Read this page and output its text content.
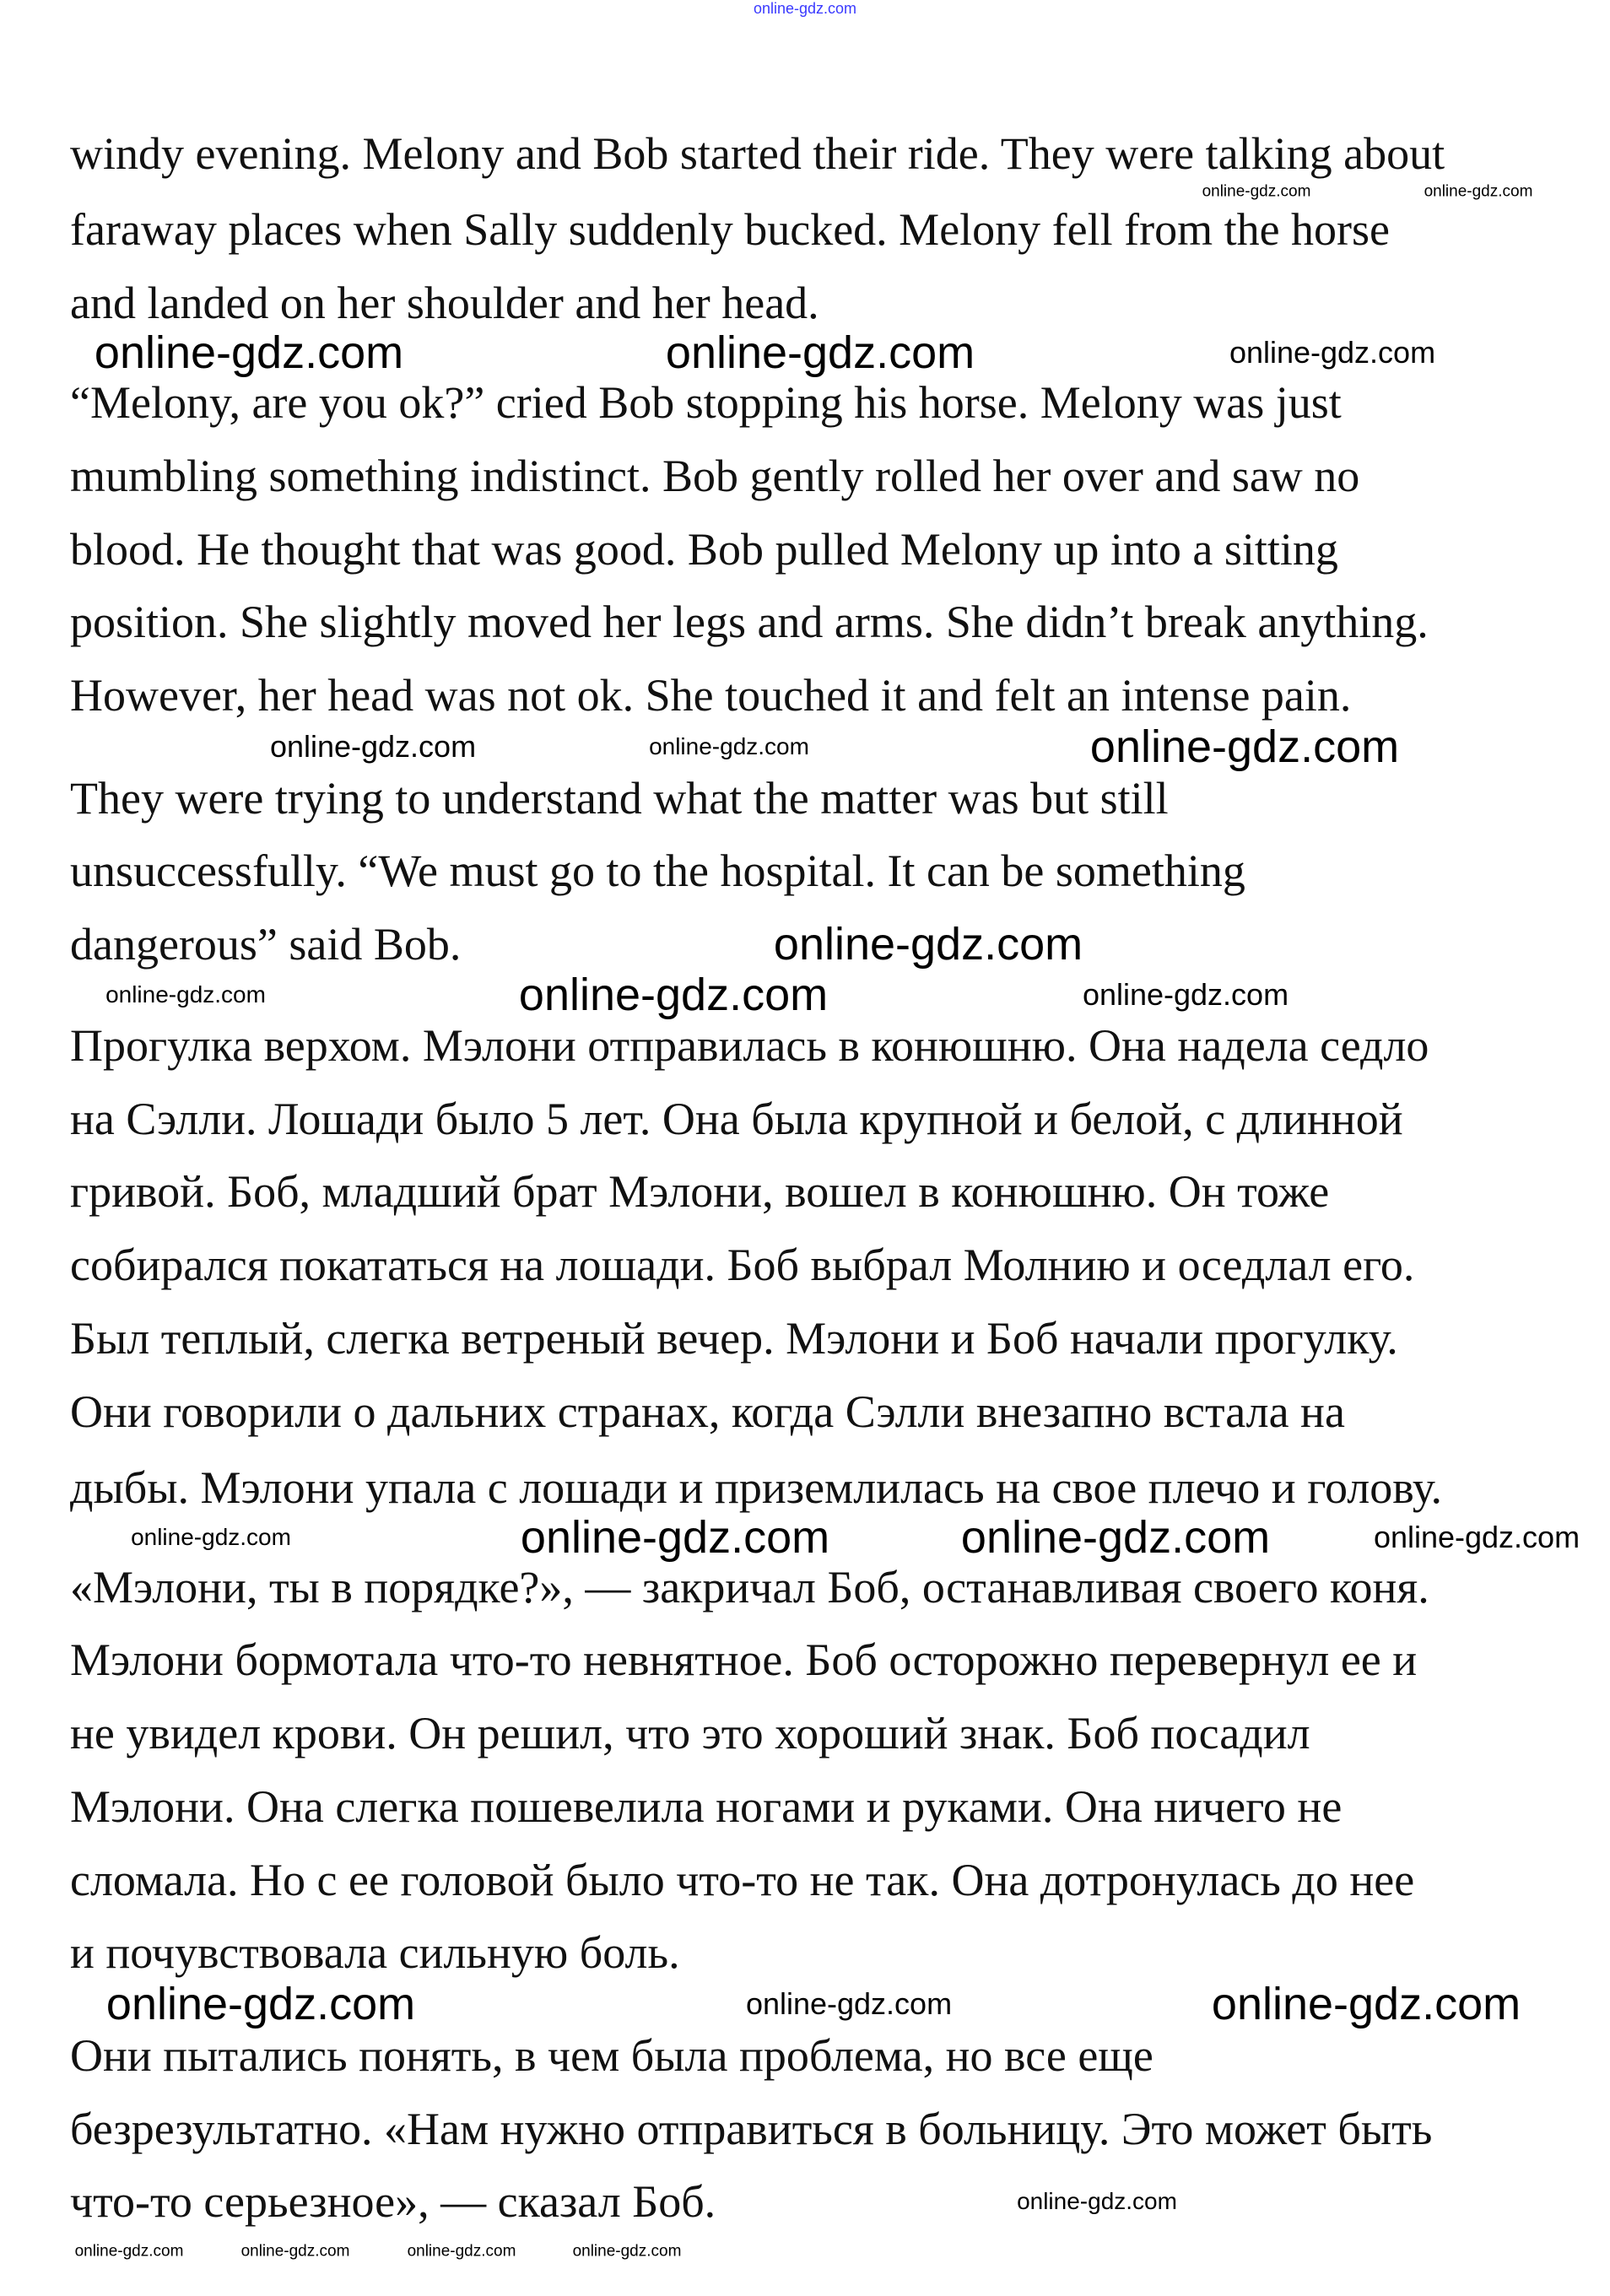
windy evening. Melony and Bob started their ride. They were talking about
faraway places when Sally suddenly bucked. Melony fell from the horse
and landed on her shoulder and her head.
“Melony, are you ok?” cried Bob stopping his horse. Melony was just
mumbling something indistinct. Bob gently rolled her over and saw no
blood. He thought that was good. Bob pulled Melony up into a sitting
position. She slightly moved her legs and arms. She didn’t break anything.
However, her head was not ok. She touched it and felt an intense pain.
They were trying to understand what the matter was but still
unsuccessfully. “We must go to the hospital. It can be something
dangerous” said Bob.
Прогулка верхом. Мэлони отправилась в конюшню. Она надела седло
на Сэлли. Лошади было 5 лет. Она была крупной и белой, с длинной
гривой. Боб, младший брат Мэлони, вошел в конюшню. Он тоже
собирался покататься на лошади. Боб выбрал Молнию и оседлал его.
Был теплый, слегка ветреный вечер. Мэлони и Боб начали прогулку.
Они говорили о дальних странах, когда Сэлли внезапно встала на
дыбы. Мэлони упала с лошади и приземлилась на свое плечо и голову.
«Мэлони, ты в порядке?», — закричал Боб, останавливая своего коня.
Мэлони бормотала что-то невнятное. Боб осторожно перевернул ее и
не увидел крови. Он решил, что это хороший знак. Боб посадил
Мэлони. Она слегка пошевелила ногами и руками. Она ничего не
сломала. Но с ее головой было что-то не так. Она дотронулась до нее
и почувствовала сильную боль.
Они пытались понять, в чем была проблема, но все еще
безрезультатно. «Нам нужно отправиться в больницу. Это может быть
что-то серьезное», — сказал Боб.
online-gdz.com
online-gdz.com	online-gdz.com
online-gdz.com	online-gdz.com	online-gdz.com
online-gdz.com	online-gdz.com	online-gdz.com
online-gdz.com	online-gdz.com	online-gdz.com
online-gdz.com
online-gdz.com
online-gdz.com	online-gdz.com	online-gdz.com
online-gdz.com	online-gdz.com	online-gdz.com
online-gdz.com
online-gdz.com	online-gdz.com	online-gdz.com	online-gdz.com
